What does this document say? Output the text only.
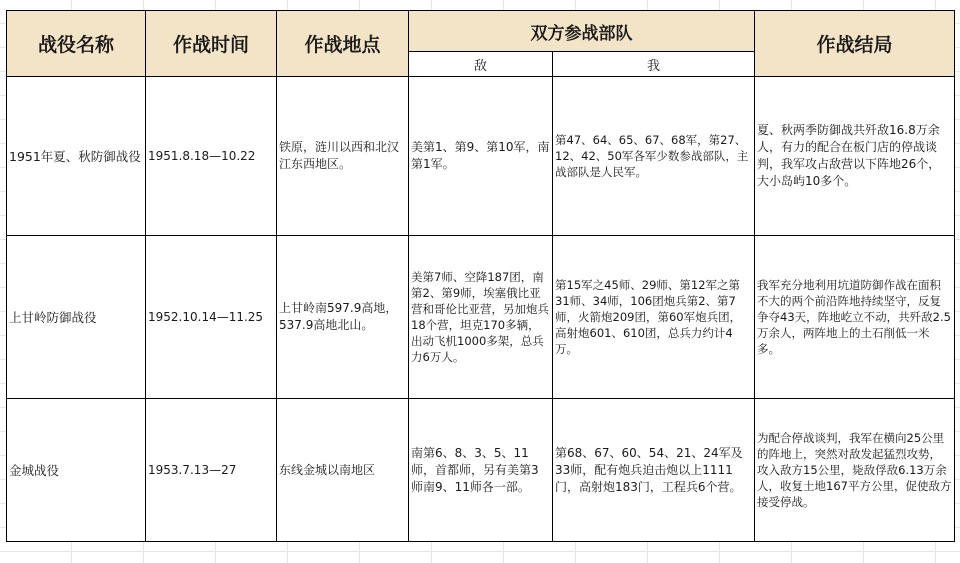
战役名称	作战时间	作战地点	双方参战部队		作战结局
			敌	我	
1951年夏、秋防御战役	1951.8.18—10.22	铁原，涟川以西和北汉江东西地区。	美第1、第9、第10军，南第1军。	第47、64、65、67、68军，第27、12、42、50军各军少数参战部队，主战部队是人民军。	夏、秋两季防御战共歼敌16.8万余人，有力的配合在板门店的停战谈判，我军攻占敌营以下阵地26个，大小岛屿10多个。
上甘岭防御战役	1952.10.14—11.25	上甘岭南597.9高地，537.9高地北山。	美第7师、空降187团，南第2、第9师，埃塞俄比亚营和哥伦比亚营，另加炮兵18个营，坦克170多辆，出动飞机1000多架，总兵力6万人。	第15军之45师、29师、第12军之第31师、34师，106团炮兵第2、第7师，火箭炮209团，第60军炮兵团，高射炮601、610团，总兵力约计4万。	我军充分地利用坑道防御作战在面积不大的两个前沿阵地持续坚守，反复争夺43天，阵地屹立不动，共歼敌2.5万余人，两阵地上的土石削低一米多。
金城战役	1953.7.13—27	东线金城以南地区	南第6、8、3、5、11师，首都师，另有美第3师南9、11师各一部。	第68、67、60、54、21、24军及33师，配有炮兵迫击炮以上1111门，高射炮183门，工程兵6个营。	为配合停战谈判，我军在横向25公里的阵地上，突然对敌发起猛烈攻势，攻入敌方15公里，毙敌俘敌6.13万余人，收复土地167平方公里，促使敌方接受停战。
